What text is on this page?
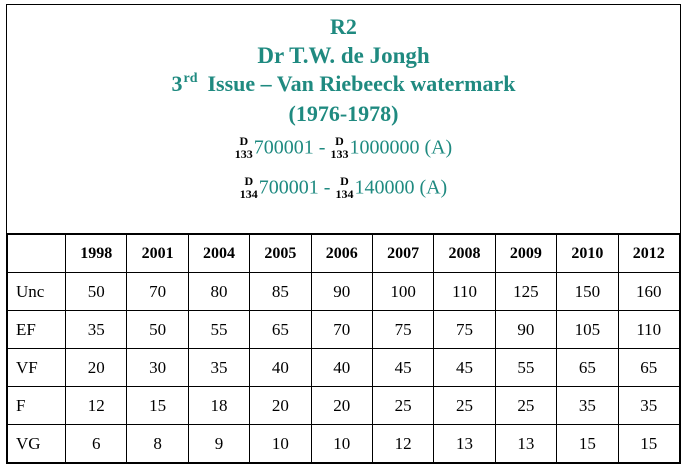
R2
Dr T.W. de Jongh
3rd Issue – Van Riebeeck watermark
(1976-1978)
D
133 700001 - D
133 1000000 (A)
D
134 700001 - D
134 140000 (A)
	1998	2001	2004	2005	2006	2007	2008	2009	2010	2012
Unc	50	70	80	85	90	100	110	125	150	160
EF	35	50	55	65	70	75	75	90	105	110
VF	20	30	35	40	40	45	45	55	65	65
F	12	15	18	20	20	25	25	25	35	35
VG	6	8	9	10	10	12	13	13	15	15
